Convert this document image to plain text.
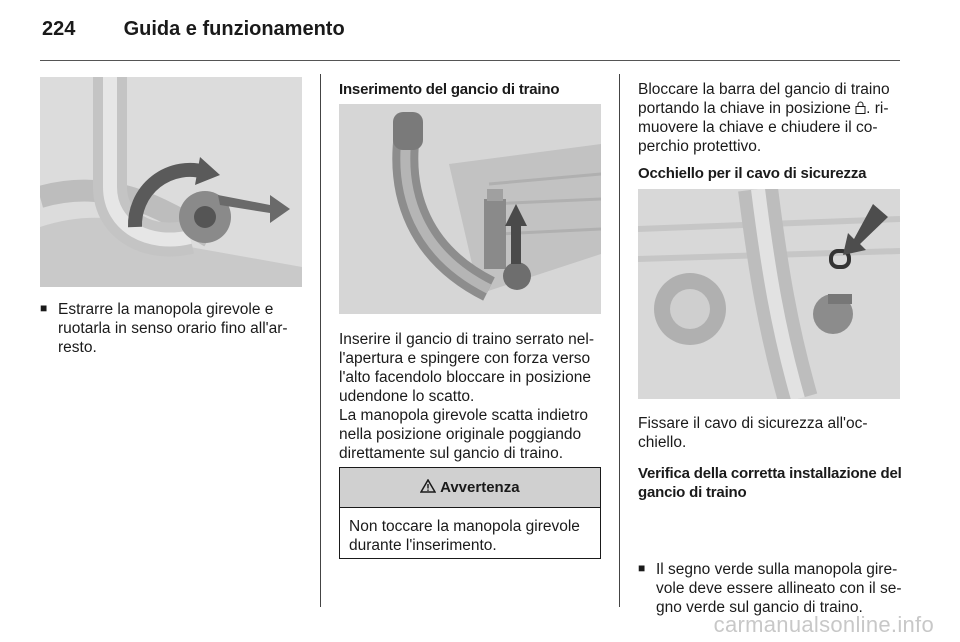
224 Guida e funzionamento
■ Estrarre la manopola girevole e ruotarla in senso orario fino all'ar-resto.
Inserimento del gancio di traino
Inserire il gancio di traino serrato nel-l'apertura e spingere con forza verso l'alto facendolo bloccare in posizione udendone lo scatto.
La manopola girevole scatta indietro nella posizione originale poggiando direttamente sul gancio di traino.
Avvertenza
Non toccare la manopola girevole durante l'inserimento.
Bloccare la barra del gancio di traino portando la chiave in posizione . ri-muovere la chiave e chiudere il co-perchio protettivo.
Occhiello per il cavo di sicurezza
Fissare il cavo di sicurezza all'oc-chiello.
Verifica della corretta installazione del gancio di traino
■ Il segno verde sulla manopola gire-vole deve essere allineato con il se-gno verde sul gancio di traino.
carmanualsonline.info
